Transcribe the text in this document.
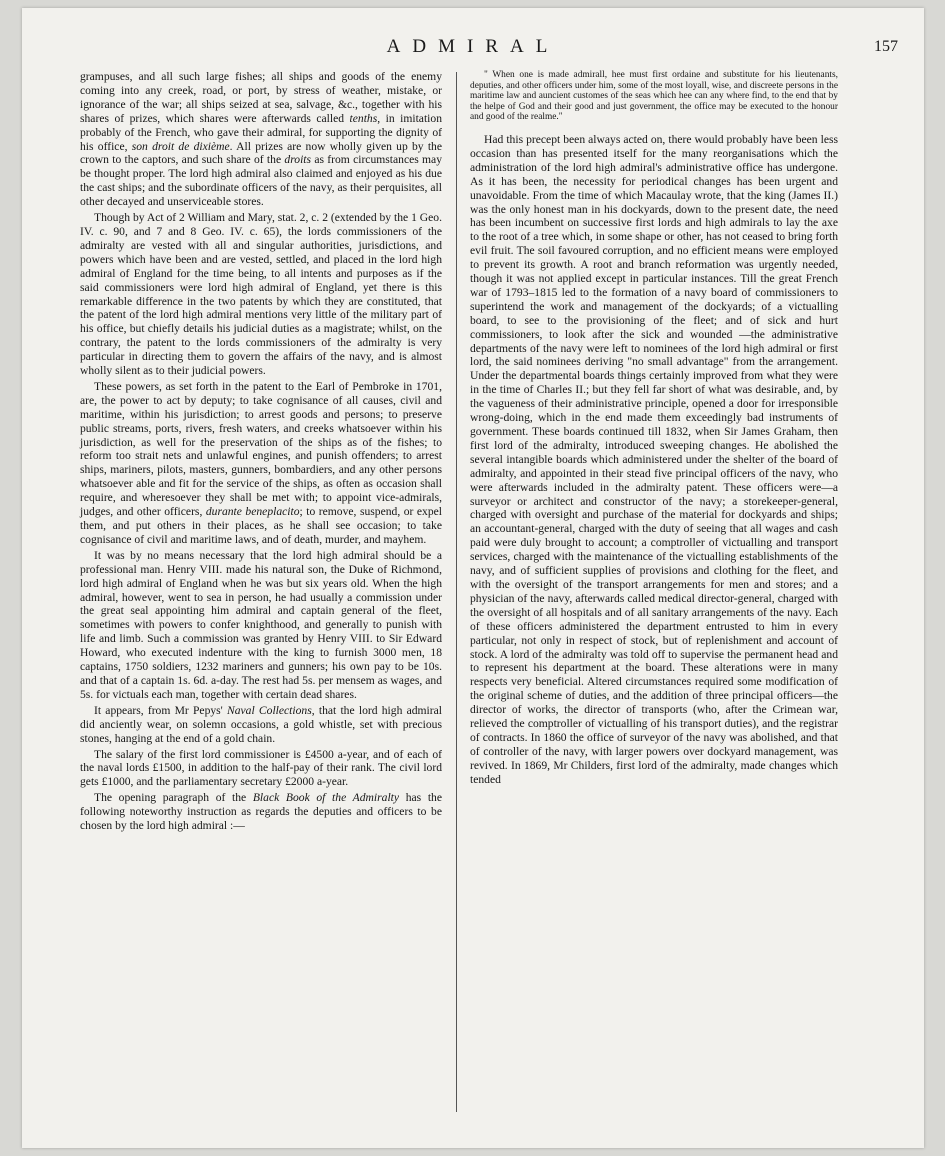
ADMIRAL	157

grampuses, and all such large fishes; all ships and goods of the enemy coming into any creek, road, or port, by stress of weather, mistake, or ignorance of the war; all ships seized at sea, salvage, &c., together with his shares of prizes, which shares were afterwards called tenths, in imitation probably of the French, who gave their admiral, for supporting the dignity of his office, son droit de dixième. All prizes are now wholly given up by the crown to the captors, and such share of the droits as from circumstances may be thought proper. The lord high admiral also claimed and enjoyed as his due the cast ships; and the subordinate officers of the navy, as their perquisites, all other decayed and unserviceable stores.

Though by Act of 2 William and Mary, stat. 2, c. 2 (extended by the 1 Geo. IV. c. 90, and 7 and 8 Geo. IV. c. 65), the lords commissioners of the admiralty are vested with all and singular authorities, jurisdictions, and powers which have been and are vested, settled, and placed in the lord high admiral of England for the time being, to all intents and purposes as if the said commissioners were lord high admiral of England, yet there is this remarkable difference in the two patents by which they are constituted, that the patent of the lord high admiral mentions very little of the military part of his office, but chiefly details his judicial duties as a magistrate; whilst, on the contrary, the patent to the lords commissioners of the admiralty is very particular in directing them to govern the affairs of the navy, and is almost wholly silent as to their judicial powers.

These powers, as set forth in the patent to the Earl of Pembroke in 1701, are, the power to act by deputy; to take cognisance of all causes, civil and maritime, within his jurisdiction; to arrest goods and persons; to preserve public streams, ports, rivers, fresh waters, and creeks whatsoever within his jurisdiction, as well for the preservation of the ships as of the fishes; to reform too strait nets and unlawful engines, and punish offenders; to arrest ships, mariners, pilots, masters, gunners, bombardiers, and any other persons whatsoever able and fit for the service of the ships, as often as occasion shall require, and wheresoever they shall be met with; to appoint vice-admirals, judges, and other officers, durante beneplacito; to remove, suspend, or expel them, and put others in their places, as he shall see occasion; to take cognisance of civil and maritime laws, and of death, murder, and mayhem.

It was by no means necessary that the lord high admiral should be a professional man. Henry VIII. made his natural son, the Duke of Richmond, lord high admiral of England when he was but six years old. When the high admiral, however, went to sea in person, he had usually a commission under the great seal appointing him admiral and captain general of the fleet, sometimes with powers to confer knighthood, and generally to punish with life and limb. Such a commission was granted by Henry VIII. to Sir Edward Howard, who executed indenture with the king to furnish 3000 men, 18 captains, 1750 soldiers, 1232 mariners and gunners; his own pay to be 10s. and that of a captain 1s. 6d. a-day. The rest had 5s. per mensem as wages, and 5s. for victuals each man, together with certain dead shares.

It appears, from Mr Pepys' Naval Collections, that the lord high admiral did anciently wear, on solemn occasions, a gold whistle, set with precious stones, hanging at the end of a gold chain.

The salary of the first lord commissioner is £4500 a-year, and of each of the naval lords £1500, in addition to the half-pay of their rank. The civil lord gets £1000, and the parliamentary secretary £2000 a-year.

The opening paragraph of the Black Book of the Admiralty has the following noteworthy instruction as regards the deputies and officers to be chosen by the lord high admiral :—

" When one is made admirall, hee must first ordaine and substitute for his lieutenants, deputies, and other officers under him, some of the most loyall, wise, and discreete persons in the maritime law and auncient customes of the seas which hee can any where find, to the end that by the helpe of God and their good and just government, the office may be executed to the honour and good of the realme."

Had this precept been always acted on, there would probably have been less occasion than has presented itself for the many reorganisations which the administration of the lord high admiral's administrative office has undergone. As it has been, the necessity for periodical changes has been urgent and unavoidable. From the time of which Macaulay wrote, that the king (James II.) was the only honest man in his dockyards, down to the present date, the need has been incumbent on successive first lords and high admirals to lay the axe to the root of a tree which, in some shape or other, has not ceased to bring forth evil fruit. The soil favoured corruption, and no efficient means were employed to prevent its growth. A root and branch reformation was urgently needed, though it was not applied except in particular instances. Till the great French war of 1793–1815 led to the formation of a navy board of commissioners to superintend the work and management of the dockyards; of a victualling board, to see to the provisioning of the fleet; and of sick and hurt commissioners, to look after the sick and wounded —the administrative departments of the navy were left to nominees of the lord high admiral or first lord, the said nominees deriving "no small advantage" from the arrangement. Under the departmental boards things certainly improved from what they were in the time of Charles II.; but they fell far short of what was desirable, and, by the vagueness of their administrative principle, opened a door for irresponsible wrong-doing, which in the end made them exceedingly bad instruments of government. These boards continued till 1832, when Sir James Graham, then first lord of the admiralty, introduced sweeping changes. He abolished the several intangible boards which administered under the shelter of the board of admiralty, and appointed in their stead five principal officers of the navy, who were afterwards included in the admiralty patent. These officers were—a surveyor or architect and constructor of the navy; a storekeeper-general, charged with oversight and purchase of the material for dockyards and ships; an accountant-general, charged with the duty of seeing that all wages and cash paid were duly brought to account; a comptroller of victualling and transport services, charged with the maintenance of the victualling establishments of the navy, and of sufficient supplies of provisions and clothing for the fleet, and with the oversight of the transport arrangements for men and stores; and a physician of the navy, afterwards called medical director-general, charged with the oversight of all hospitals and of all sanitary arrangements of the navy. Each of these officers administered the department entrusted to him in every particular, not only in respect of stock, but of replenishment and account of stock. A lord of the admiralty was told off to supervise the permanent head and to represent his department at the board. These alterations were in many respects very beneficial. Altered circumstances required some modification of the original scheme of duties, and the addition of three principal officers—the director of works, the director of transports (who, after the Crimean war, relieved the comptroller of victualling of his transport duties), and the registrar of contracts. In 1860 the office of surveyor of the navy was abolished, and that of controller of the navy, with larger powers over dockyard management, was revived. In 1869, Mr Childers, first lord of the admiralty, made changes which tended
